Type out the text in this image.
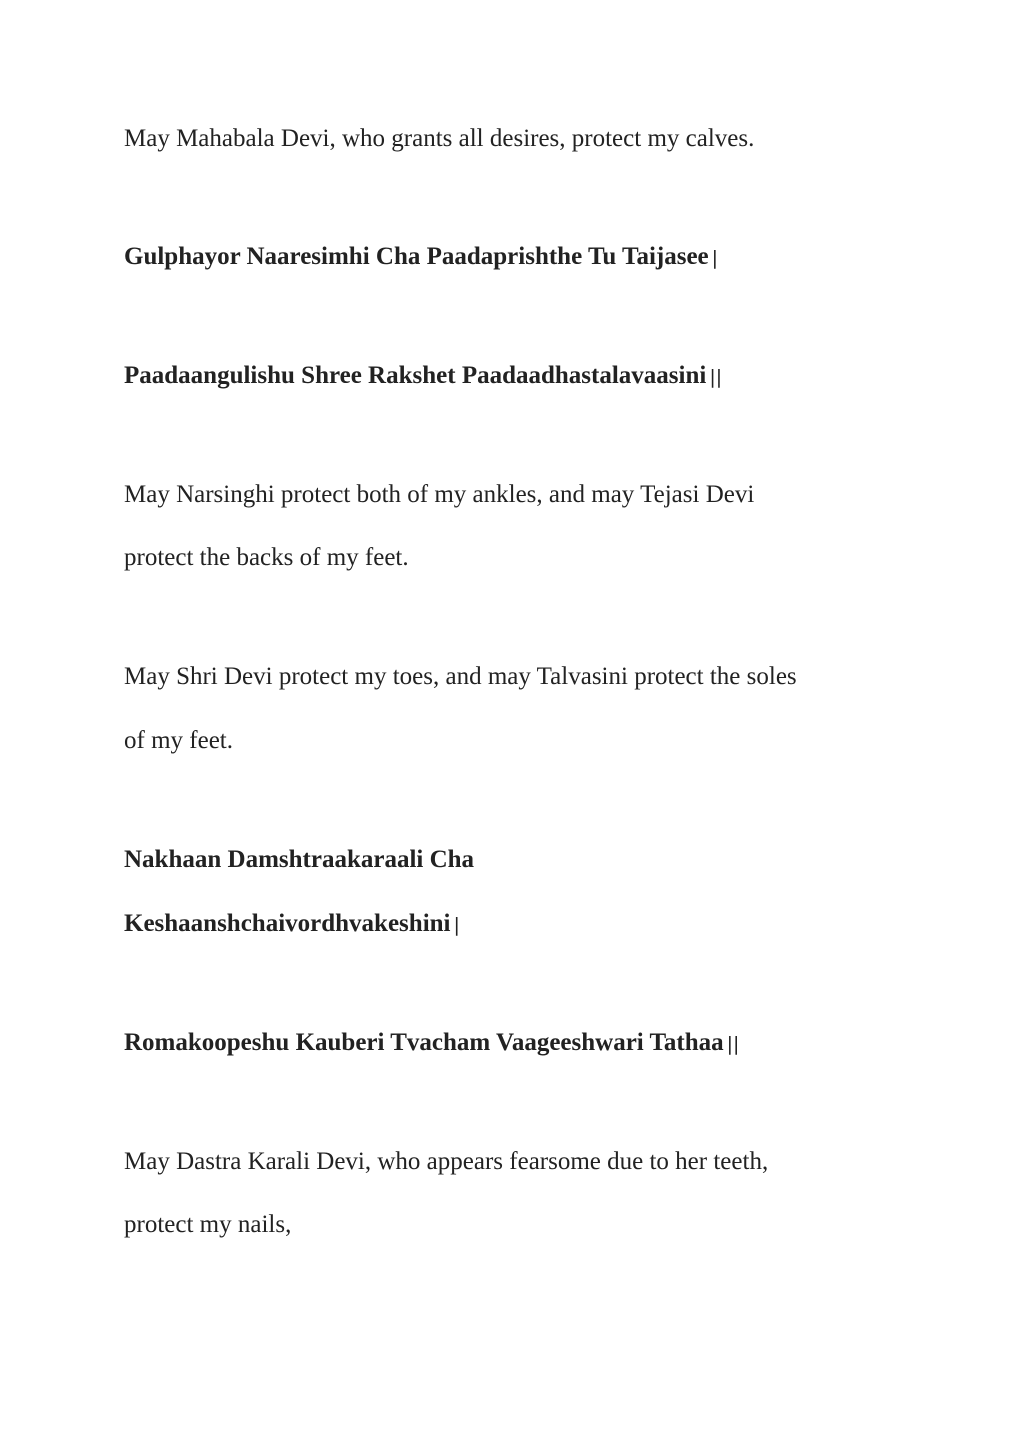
May Mahabala Devi, who grants all desires, protect my calves.
Gulphayor Naaresimhi Cha Paadaprishthe Tu Taijasee |
Paadaangulishu Shree Rakshet Paadaadhastalavaasini ||
May Narsinghi protect both of my ankles, and may Tejasi Devi
protect the backs of my feet.
May Shri Devi protect my toes, and may Talvasini protect the soles
of my feet.
Nakhaan Damshtraakaraali Cha
Keshaanshchaivordhvakeshini |
Romakoopeshu Kauberi Tvacham Vaageeshwari Tathaa ||
May Dastra Karali Devi, who appears fearsome due to her teeth,
protect my nails,
